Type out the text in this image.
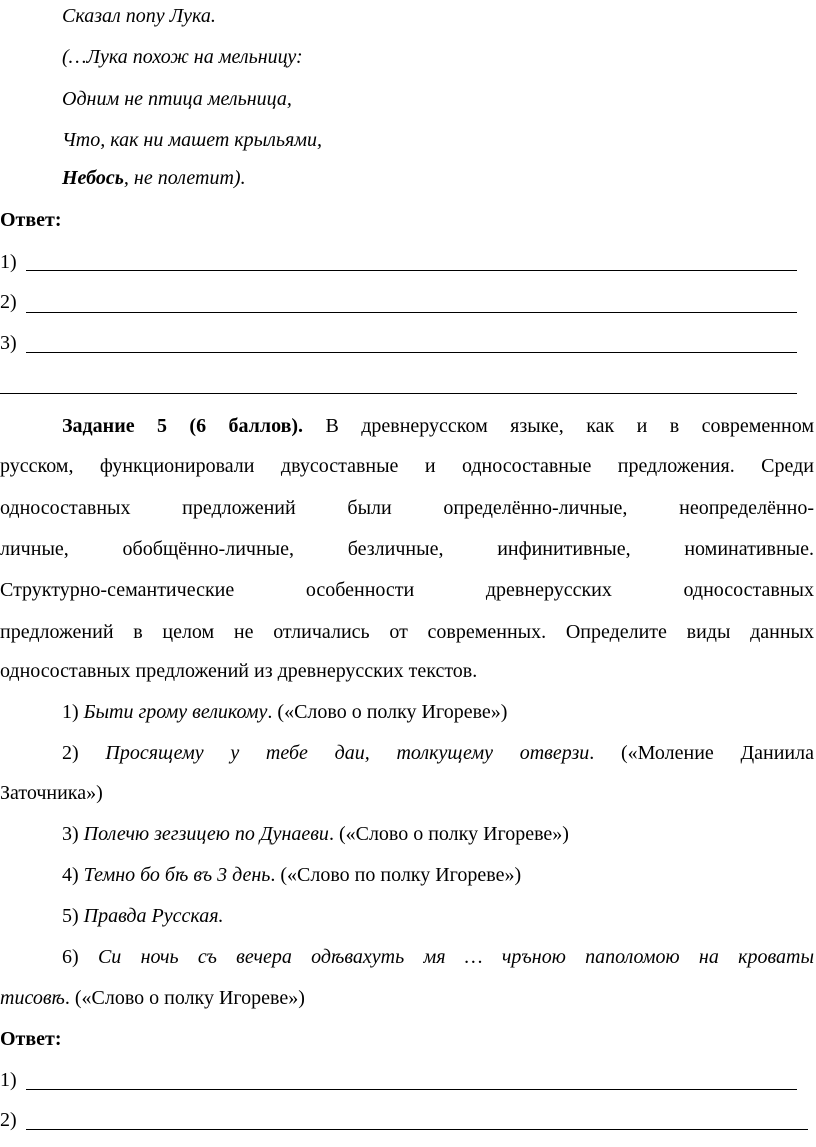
Сказал попу Лука.
(…Лука похож на мельницу:
Одним не птица мельница,
Что, как ни машет крыльями,
Небось, не полетит).
Ответ:
1)
2)
3)
Задание 5 (6 баллов). В древнерусском языке, как и в современном
русском, функционировали двусоставные и односоставные предложения. Среди
односоставных предложений были определённо-личные, неопределённо-
личные, обобщённо-личные, безличные, инфинитивные, номинативные.
Структурно-семантические особенности древнерусских односоставных
предложений в целом не отличались от современных. Определите виды данных
односоставных предложений из древнерусских текстов.
1) Быти грому великому. («Слово о полку Игореве»)
2) Просящему у тебе даи, толкущему отверзи. («Моление Даниила
Заточника»)
3) Полечю зегзицею по Дунаеви. («Слово о полку Игореве»)
4) Темно бо бѣ въ 3 день. («Слово по полку Игореве»)
5) Правда Русская.
6) Си ночь съ вечера одѣвахуть мя … чръною паполомою на кроваты
тисовѣ. («Слово о полку Игореве»)
Ответ:
1)
2)
